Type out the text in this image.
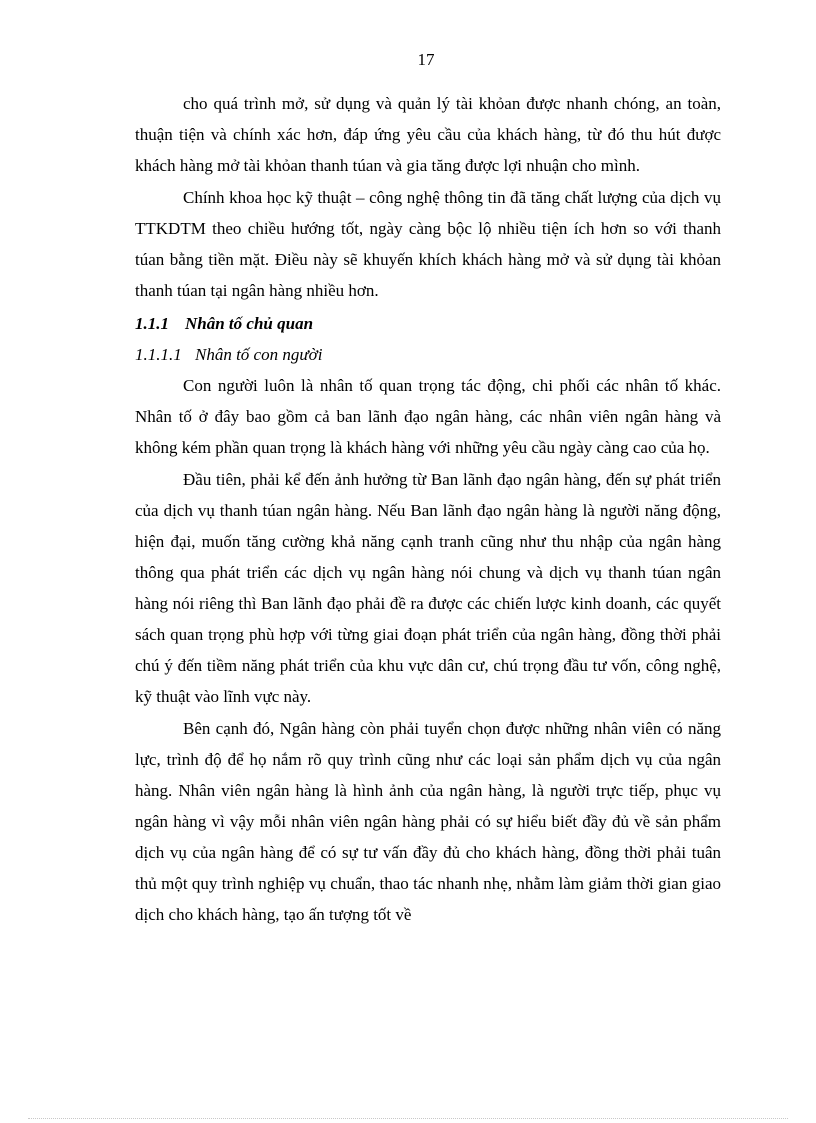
17

cho quá trình mở, sử dụng và quản lý tài khỏan được nhanh chóng, an toàn, thuận tiện và chính xác hơn, đáp ứng yêu cầu của khách hàng, từ đó thu hút được khách hàng mở tài khỏan thanh túan và gia tăng được lợi nhuận cho mình.

Chính khoa học kỹ thuật – công nghệ thông tin đã tăng chất lượng của dịch vụ TTKDTM theo chiều hướng tốt, ngày càng bộc lộ nhiều tiện ích hơn so với thanh túan bằng tiền mặt. Điều này sẽ khuyến khích khách hàng mở và sử dụng tài khỏan thanh túan tại ngân hàng nhiều hơn.

1.1.1 Nhân tố chủ quan

1.1.1.1 Nhân tố con người

Con người luôn là nhân tố quan trọng tác động, chi phối các nhân tố khác. Nhân tố ở đây bao gồm cả ban lãnh đạo ngân hàng, các nhân viên ngân hàng và không kém phần quan trọng là khách hàng với những yêu cầu ngày càng cao của họ.

Đầu tiên, phải kể đến ảnh hưởng từ Ban lãnh đạo ngân hàng, đến sự phát triển của dịch vụ thanh túan ngân hàng. Nếu Ban lãnh đạo ngân hàng là người năng động, hiện đại, muốn tăng cường khả năng cạnh tranh cũng như thu nhập của ngân hàng thông qua phát triển các dịch vụ ngân hàng nói chung và dịch vụ thanh túan ngân hàng nói riêng thì Ban lãnh đạo phải đề ra được các chiến lược kinh doanh, các quyết sách quan trọng phù hợp với từng giai đoạn phát triển của ngân hàng, đồng thời phải chú ý đến tiềm năng phát triển của khu vực dân cư, chú trọng đầu tư vốn, công nghệ, kỹ thuật vào lĩnh vực này.

Bên cạnh đó, Ngân hàng còn phải tuyển chọn được những nhân viên có năng lực, trình độ để họ nắm rõ quy trình cũng như các loại sản phẩm dịch vụ của ngân hàng. Nhân viên ngân hàng là hình ảnh của ngân hàng, là người trực tiếp, phục vụ ngân hàng vì vậy mỗi nhân viên ngân hàng phải có sự hiểu biết đầy đủ về sản phẩm dịch vụ của ngân hàng để có sự tư vấn đầy đủ cho khách hàng, đồng thời phải tuân thủ một quy trình nghiệp vụ chuẩn, thao tác nhanh nhẹ, nhằm làm giảm thời gian giao dịch cho khách hàng, tạo ấn tượng tốt về
